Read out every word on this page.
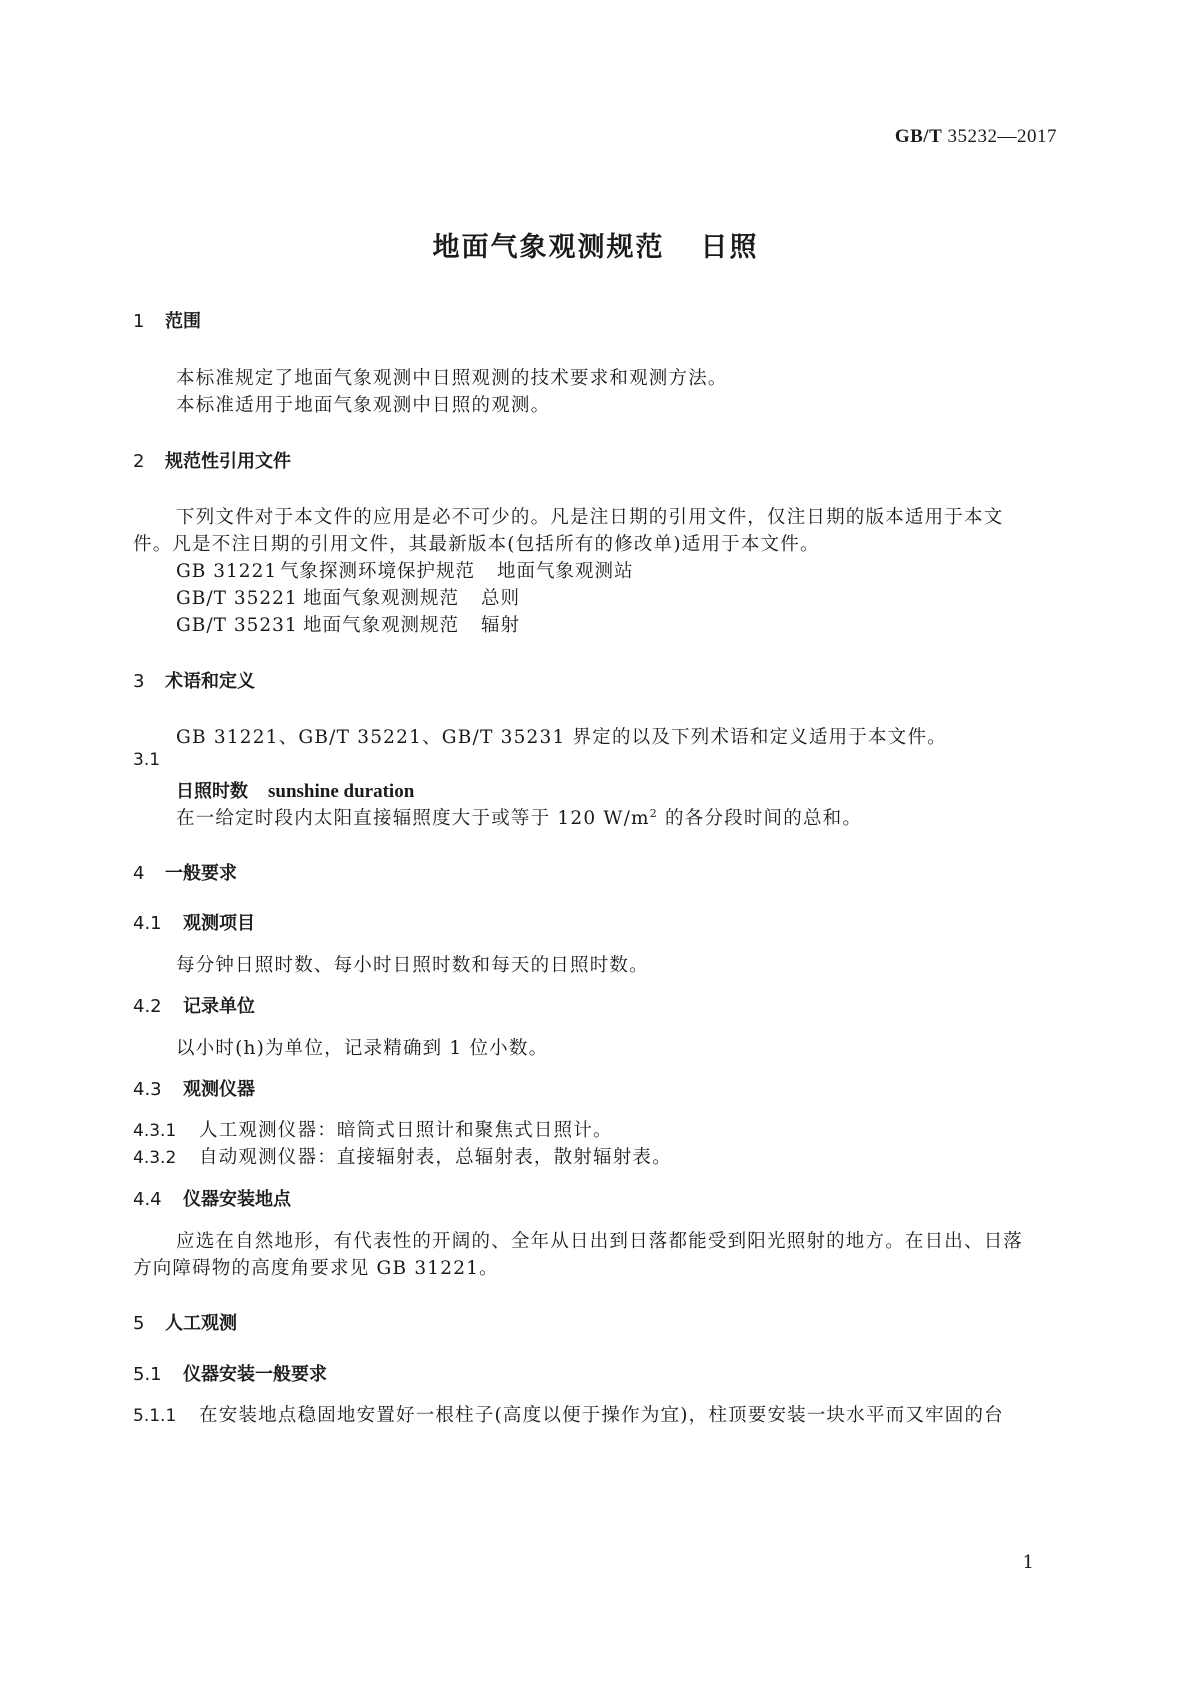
GB/T 35232—2017
地面气象观测规范 日照
1 范围
本标准规定了地面气象观测中日照观测的技术要求和观测方法。
本标准适用于地面气象观测中日照的观测。
2 规范性引用文件
下列文件对于本文件的应用是必不可少的。凡是注日期的引用文件，仅注日期的版本适用于本文
件。凡是不注日期的引用文件，其最新版本(包括所有的修改单)适用于本文件。
GB 31221 气象探测环境保护规范 地面气象观测站
GB/T 35221 地面气象观测规范 总则
GB/T 35231 地面气象观测规范 辐射
3 术语和定义
GB 31221、GB/T 35221、GB/T 35231 界定的以及下列术语和定义适用于本文件。
3.1
日照时数 sunshine duration
在一给定时段内太阳直接辐照度大于或等于 120 $W/m^2$ 的各分段时间的总和。
4 一般要求
4.1 观测项目
每分钟日照时数、每小时日照时数和每天的日照时数。
4.2 记录单位
以小时(h)为单位，记录精确到 1 位小数。
4.3 观测仪器
4.3.1 人工观测仪器：暗筒式日照计和聚焦式日照计。
4.3.2 自动观测仪器：直接辐射表，总辐射表，散射辐射表。
4.4 仪器安装地点
应选在自然地形，有代表性的开阔的、全年从日出到日落都能受到阳光照射的地方。在日出、日落
方向障碍物的高度角要求见 GB 31221。
5 人工观测
5.1 仪器安装一般要求
5.1.1 在安装地点稳固地安置好一根柱子(高度以便于操作为宜)，柱顶要安装一块水平而又牢固的台
1
